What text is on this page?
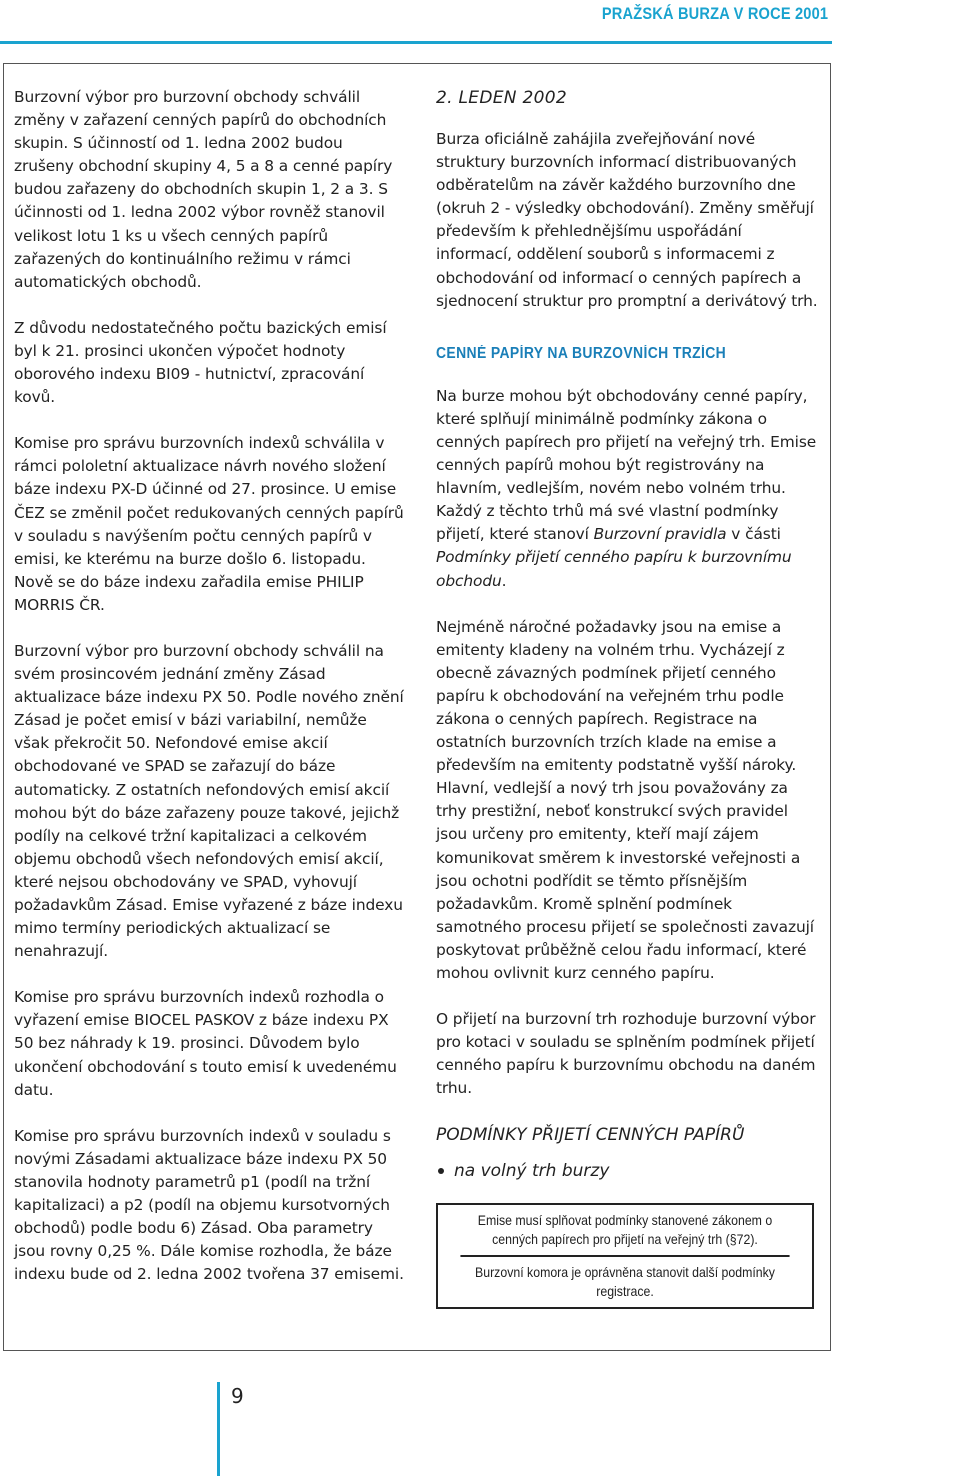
PRAŽSKÁ BURZA V ROCE 2001

Burzovní výbor pro burzovní obchody schválil změny v zařazení cenných papírů do obchodních skupin. S účinností od 1. ledna 2002 budou zrušeny obchodní skupiny 4, 5 a 8 a cenné papíry budou zařazeny do obchodních skupin 1, 2 a 3. S účinnosti od 1. ledna 2002 výbor rovněž stanovil velikost lotu 1 ks u všech cenných papírů zařazených do kontinuálního režimu v rámci automatických obchodů.

Z důvodu nedostatečného počtu bazických emisí byl k 21. prosinci ukončen výpočet hodnoty oborového indexu BI09 - hutnictví, zpracování kovů.

Komise pro správu burzovních indexů schválila v rámci pololetní aktualizace návrh nového složení báze indexu PX-D účinné od 27. prosince. U emise ČEZ se změnil počet redukovaných cenných papírů v souladu s navýšením počtu cenných papírů v emisi, ke kterému na burze došlo 6. listopadu. Nově se do báze indexu zařadila emise PHILIP MORRIS ČR.

Burzovní výbor pro burzovní obchody schválil na svém prosincovém jednání změny Zásad aktualizace báze indexu PX 50. Podle nového znění Zásad je počet emisí v bázi variabilní, nemůže však překročit 50. Nefondové emise akcií obchodované ve SPAD se zařazují do báze automaticky. Z ostatních nefondových emisí akcií mohou být do báze zařazeny pouze takové, jejichž podíly na celkové tržní kapitalizaci a celkovém objemu obchodů všech nefondových emisí akcií, které nejsou obchodovány ve SPAD, vyhovují požadavkům Zásad. Emise vyřazené z báze indexu mimo termíny periodických aktualizací se nenahrazují.

Komise pro správu burzovních indexů rozhodla o vyřazení emise BIOCEL PASKOV z báze indexu PX 50 bez náhrady k 19. prosinci. Důvodem bylo ukončení obchodování s touto emisí k uvedenému datu.

Komise pro správu burzovních indexů v souladu s novými Zásadami aktualizace báze indexu PX 50 stanovila hodnoty parametrů p1 (podíl na tržní kapitalizaci) a p2 (podíl na objemu kursotvorných obchodů) podle bodu 6) Zásad. Oba parametry jsou rovny 0,25 %. Dále komise rozhodla, že báze indexu bude od 2. ledna 2002 tvořena 37 emisemi.

2. LEDEN 2002

Burza oficiálně zahájila zveřejňování nové struktury burzovních informací distribuovaných odběratelům na závěr každého burzovního dne (okruh 2 - výsledky obchodování). Změny směřují především k přehlednějšímu uspořádání informací, oddělení souborů s informacemi z obchodování od informací o cenných papírech a sjednocení struktur pro promptní a derivátový trh.

CENNÉ PAPÍRY NA BURZOVNÍCH TRZÍCH

Na burze mohou být obchodovány cenné papíry, které splňují minimálně podmínky zákona o cenných papírech pro přijetí na veřejný trh. Emise cenných papírů mohou být registrovány na hlavním, vedlejším, novém nebo volném trhu. Každý z těchto trhů má své vlastní podmínky přijetí, které stanoví Burzovní pravidla v části Podmínky přijetí cenného papíru k burzovnímu obchodu.

Nejméně náročné požadavky jsou na emise a emitenty kladeny na volném trhu. Vycházejí z obecně závazných podmínek přijetí cenného papíru k obchodování na veřejném trhu podle zákona o cenných papírech. Registrace na ostatních burzovních trzích klade na emise a především na emitenty podstatně vyšší nároky. Hlavní, vedlejší a nový trh jsou považovány za trhy prestižní, neboť konstrukcí svých pravidel jsou určeny pro emitenty, kteří mají zájem komunikovat směrem k investorské veřejnosti a jsou ochotni podřídit se těmto přísnějším požadavkům. Kromě splnění podmínek samotného procesu přijetí se společnosti zavazují poskytovat průběžně celou řadu informací, které mohou ovlivnit kurz cenného papíru.

O přijetí na burzovní trh rozhoduje burzovní výbor pro kotaci v souladu se splněním podmínek přijetí cenného papíru k burzovnímu obchodu na daném trhu.

PODMÍNKY PŘIJETÍ CENNÝCH PAPÍRŮ
na volný trh burzy
Emise musí splňovat podmínky stanovené zákonem o cenných papírech pro přijetí na veřejný trh (§72).
Burzovní komora je oprávněna stanovit další podmínky registrace.
9
